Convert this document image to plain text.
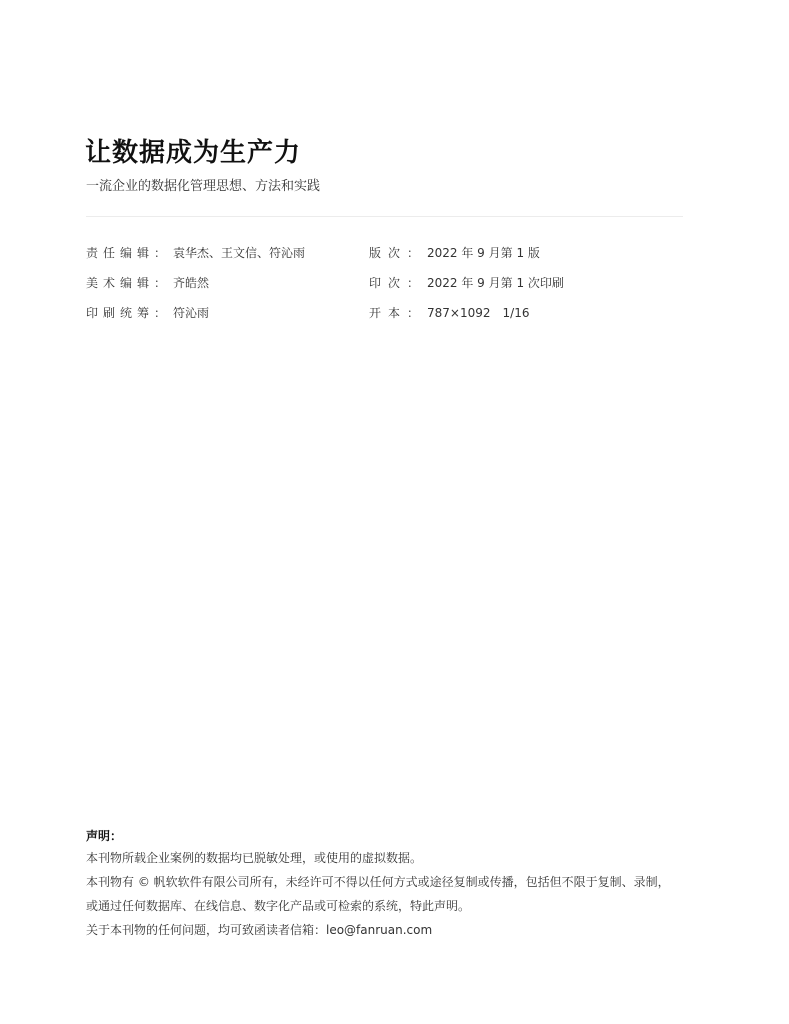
让数据成为生产力
一流企业的数据化管理思想、方法和实践
责任编辑： 袁华杰、王文信、符沁雨
美术编辑： 齐皓然
印刷统筹： 符沁雨
版次：2022 年 9 月第 1 版
印次：2022 年 9 月第 1 次印刷
开本：787×1092　1/16
声明：
本刊物所载企业案例的数据均已脱敏处理，或使用的虚拟数据。
本刊物有 © 帆软软件有限公司所有，未经许可不得以任何方式或途径复制或传播，包括但不限于复制、录制，
或通过任何数据库、在线信息、数字化产品或可检索的系统，特此声明。
关于本刊物的任何问题，均可致函读者信箱：leo@fanruan.com
